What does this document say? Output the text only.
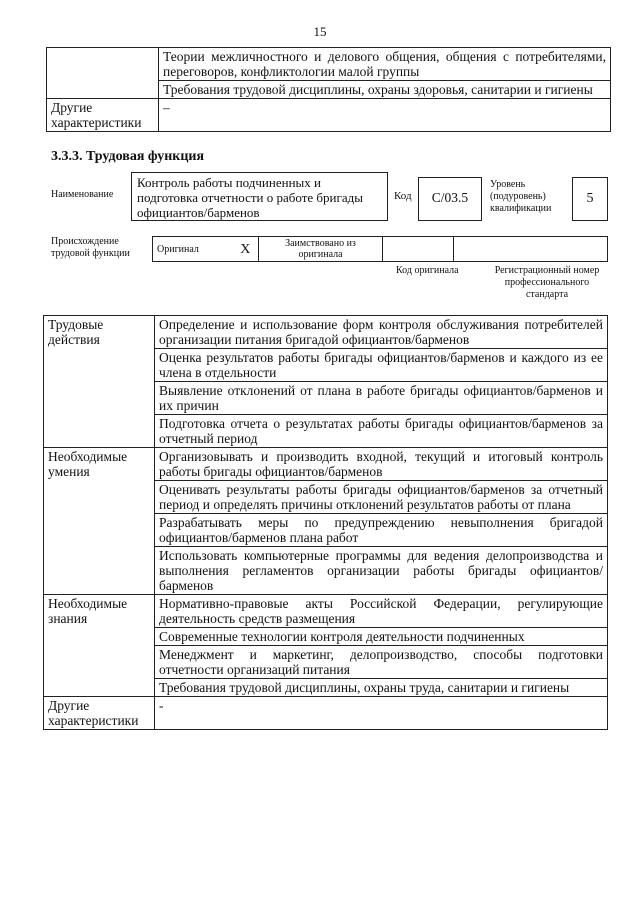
15
	Теории межличностного и делового общения, общения с потребителями, переговоров, конфликтологии малой группы
	Требования трудовой дисциплины, охраны здоровья, санитарии и гигиены
Другие характеристики	–
3.3.3. Трудовая функция
Наименование
Контроль работы подчиненных и подготовка отчетности о работе бригады официантов/барменов
Код	С/03.5
Уровень (подуровень) квалификации
5
Происхождение трудовой функции	Оригинал	X	Заимствовано из оригинала		
Код оригинала	Регистрационный номер профессионального стандарта
Трудовые действия	Определение и использование форм контроля обслуживания потребителей организации питания бригадой официантов/барменов
	Оценка результатов работы бригады официантов/барменов и каждого из ее члена в отдельности
	Выявление отклонений от плана в работе бригады официантов/барменов и их причин
	Подготовка отчета о результатах работы бригады официантов/барменов за отчетный период
Необходимые умения	Организовывать и производить входной, текущий и итоговый контроль работы бригады официантов/барменов
	Оценивать результаты работы бригады официантов/барменов за отчетный период и определять причины отклонений результатов работы от плана
	Разрабатывать меры по предупреждению невыполнения бригадой официантов/барменов плана работ
	Использовать компьютерные программы для ведения делопроизводства и выполнения регламентов организации работы бригады официантов/барменов
Необходимые знания	Нормативно-правовые акты Российской Федерации, регулирующие деятельность средств размещения
	Современные технологии контроля деятельности подчиненных
	Менеджмент и маркетинг, делопроизводство, способы подготовки отчетности организаций питания
	Требования трудовой дисциплины, охраны труда, санитарии и гигиены
Другие характеристики	-
